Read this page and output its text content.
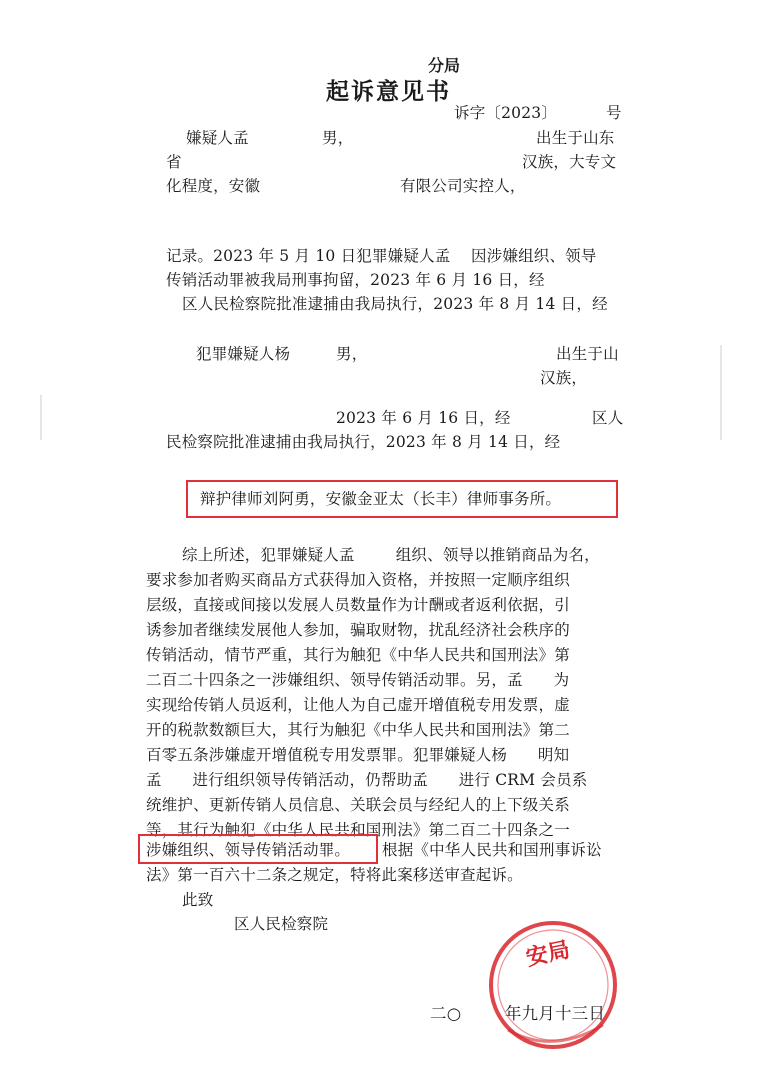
分局
起诉意见书
诉字〔2023〕	号
嫌疑人孟	男，	出生于山东
省	汉族，大专文
化程度，安徽	有限公司实控人，
记录。2023 年 5 月 10 日犯罪嫌疑人孟    因涉嫌组织、领导
传销活动罪被我局刑事拘留，2023 年 6 月 16 日，经
区人民检察院批准逮捕由我局执行，2023 年 8 月 14 日，经
犯罪嫌疑人杨	男，	出生于山
汉族，
2023 年 6 月 16 日，经	区人
民检察院批准逮捕由我局执行，2023 年 8 月 14 日，经
辩护律师刘阿勇，安徽金亚太（长丰）律师事务所。
综上所述，犯罪嫌疑人孟        组织、领导以推销商品为名，
要求参加者购买商品方式获得加入资格，并按照一定顺序组织
层级，直接或间接以发展人员数量作为计酬或者返利依据，引
诱参加者继续发展他人参加，骗取财物，扰乱经济社会秩序的
传销活动，情节严重，其行为触犯《中华人民共和国刑法》第
二百二十四条之一涉嫌组织、领导传销活动罪。另，孟      为
实现给传销人员返利，让他人为自己虚开增值税专用发票，虚
开的税款数额巨大，其行为触犯《中华人民共和国刑法》第二
百零五条涉嫌虚开增值税专用发票罪。犯罪嫌疑人杨      明知
孟      进行组织领导传销活动，仍帮助孟      进行 CRM 会员系
统维护、更新传销人员信息、关联会员与经纪人的上下级关系
等，其行为触犯《中华人民共和国刑法》第二百二十四条之一
涉嫌组织、领导传销活动罪。 根据《中华人民共和国刑事诉讼
法》第一百六十二条之规定，特将此案移送审查起诉。
此致
区人民检察院
安局
二○        年九月十三日
